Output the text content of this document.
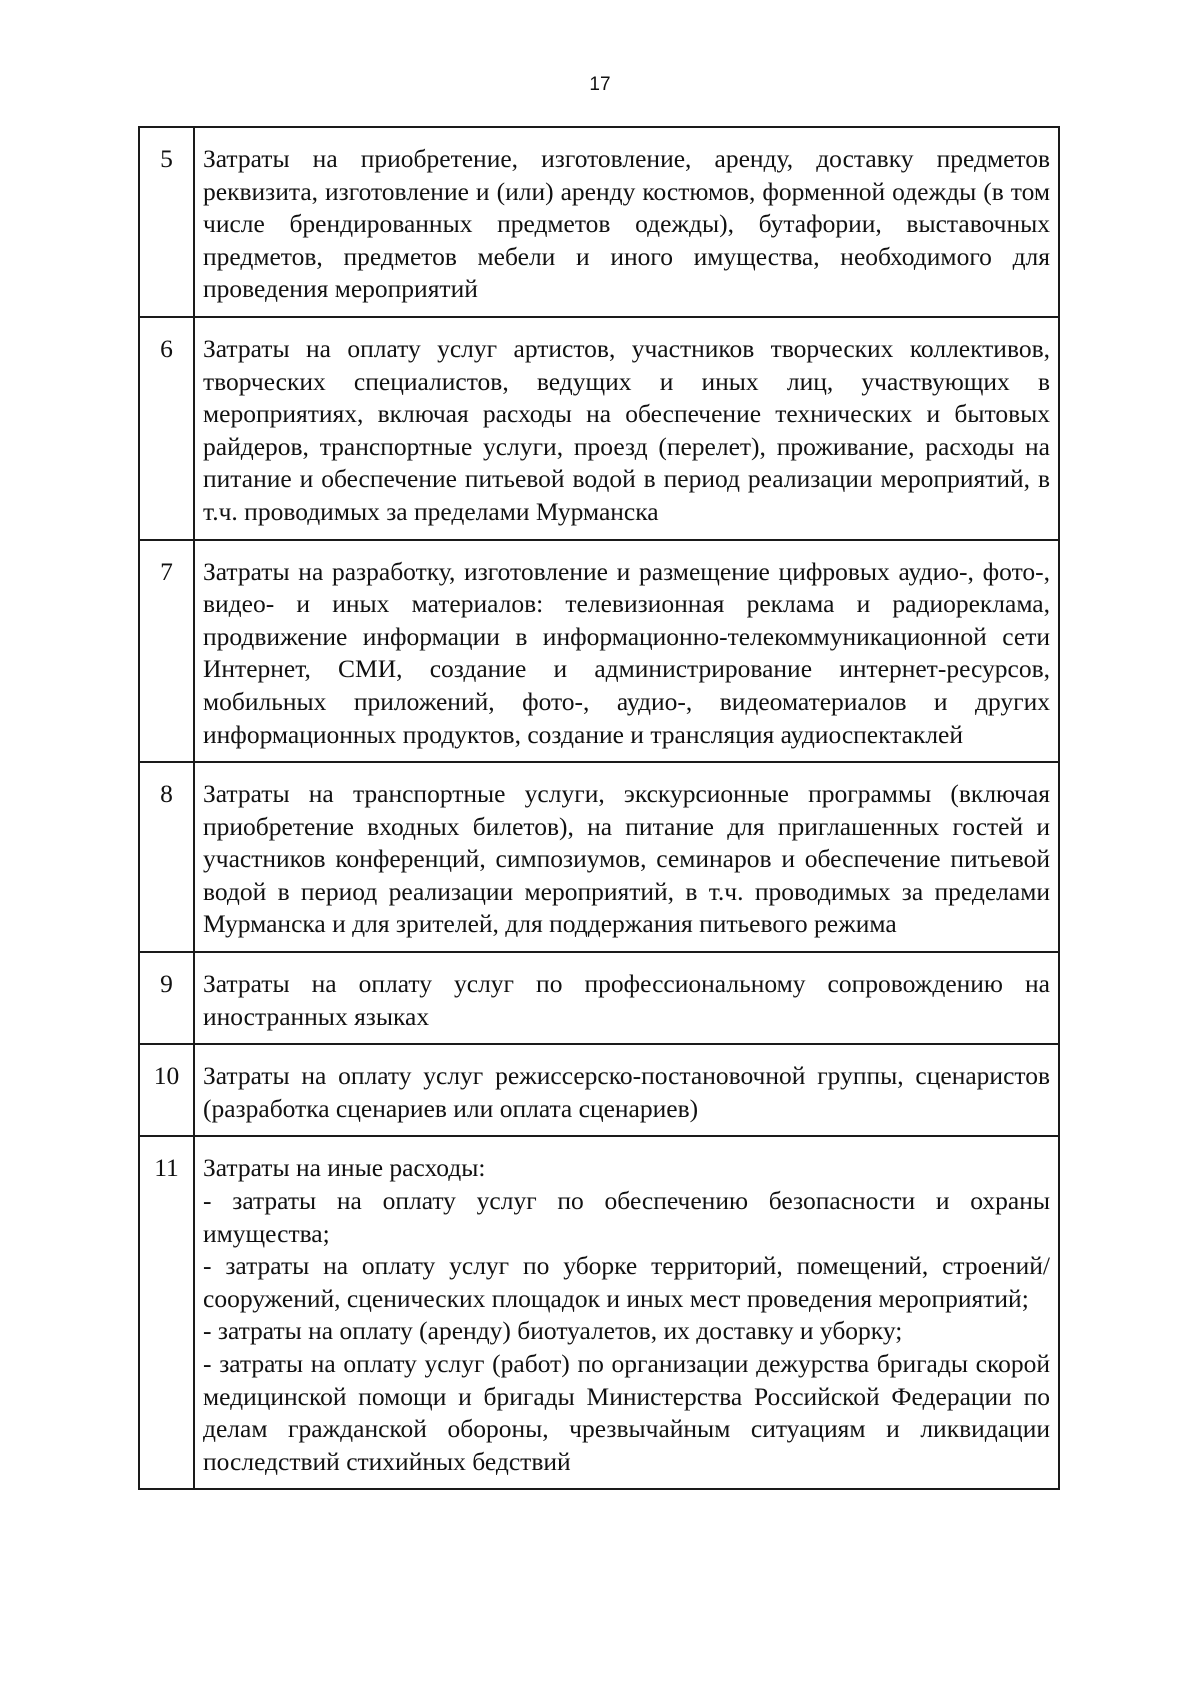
17
5	Затраты на приобретение, изготовление, аренду, доставку предметов реквизита, изготовление и (или) аренду костюмов, форменной одежды (в том числе брендированных предметов одежды), бутафории, выставочных предметов, предметов мебели и иного имущества, необходимого для проведения мероприятий

6	Затраты на оплату услуг артистов, участников творческих коллективов, творческих специалистов, ведущих и иных лиц, участвующих в мероприятиях, включая расходы на обеспечение технических и бытовых райдеров, транспортные услуги, проезд (перелет), проживание, расходы на питание и обеспечение питьевой водой в период реализации мероприятий, в т.ч. проводимых за пределами Мурманска

7	Затраты на разработку, изготовление и размещение цифровых аудио-, фото-, видео- и иных материалов: телевизионная реклама и радиореклама, продвижение информации в информационно-телекоммуникационной сети Интернет, СМИ, создание и администрирование интернет-ресурсов, мобильных приложений, фото-, аудио-, видеоматериалов и других информационных продуктов, создание и трансляция аудиоспектаклей

8	Затраты на транспортные услуги, экскурсионные программы (включая приобретение входных билетов), на питание для приглашенных гостей и участников конференций, симпозиумов, семинаров и обеспечение питьевой водой в период реализации мероприятий, в т.ч. проводимых за пределами Мурманска и для зрителей, для поддержания питьевого режима

9	Затраты на оплату услуг по профессиональному сопровождению на иностранных языках

10	Затраты на оплату услуг режиссерско-постановочной группы, сценаристов (разработка сценариев или оплата сценариев)

11	Затраты на иные расходы:

- затраты на оплату услуг по обеспечению безопасности и охраны имущества;

- затраты на оплату услуг по уборке территорий, помещений, строений/сооружений, сценических площадок и иных мест проведения мероприятий;

- затраты на оплату (аренду) биотуалетов, их доставку и уборку;

- затраты на оплату услуг (работ) по организации дежурства бригады скорой медицинской помощи и бригады Министерства Российской Федерации по делам гражданской обороны, чрезвычайным ситуациям и ликвидации последствий стихийных бедствий
